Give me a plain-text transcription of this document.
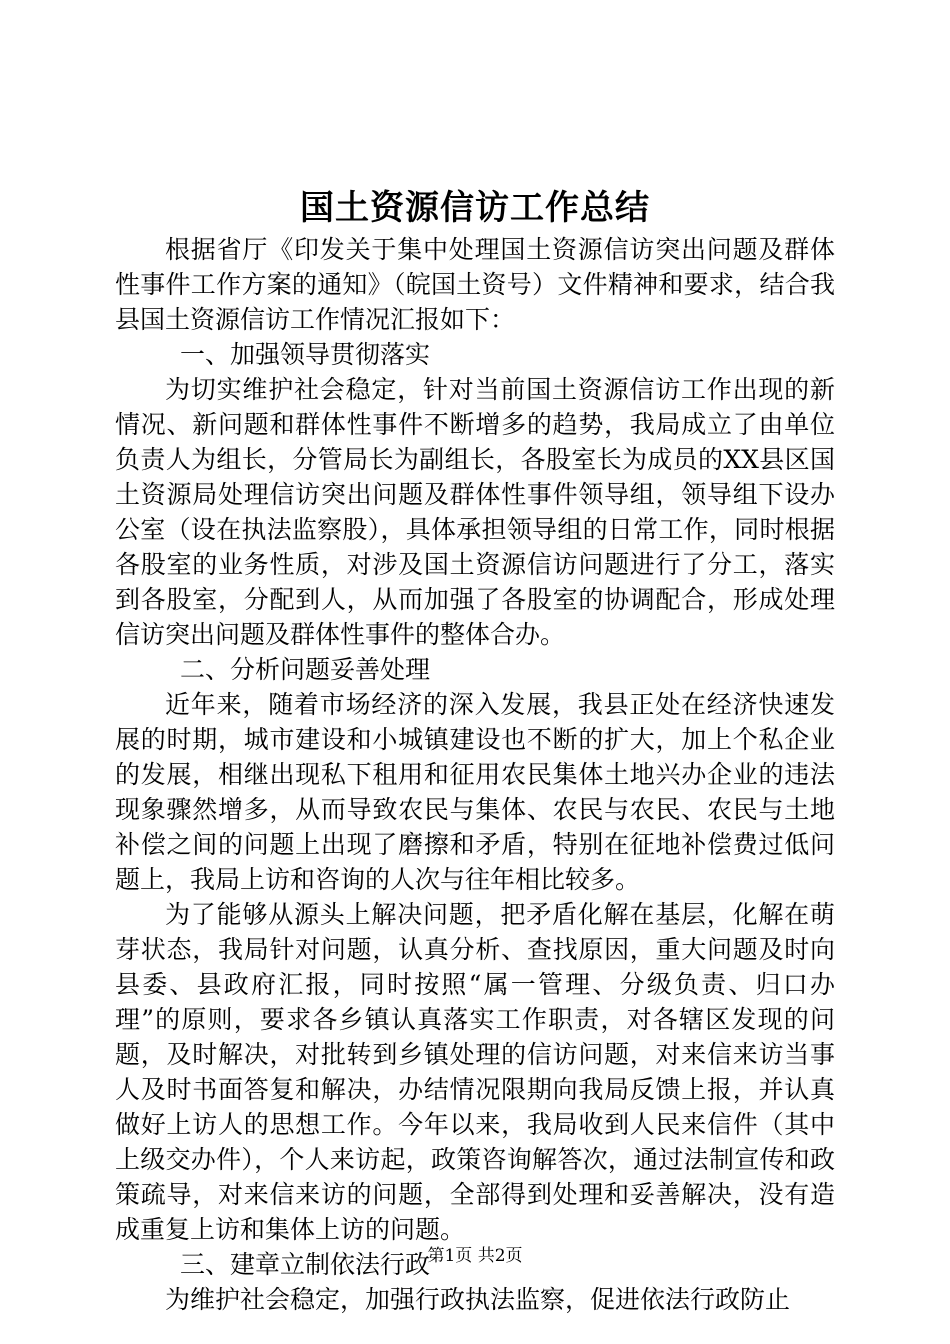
国土资源信访工作总结

根据省厅《印发关于集中处理国土资源信访突出问题及群体性事件工作方案的通知》（皖国土资号）文件精神和要求，结合我县国土资源信访工作情况汇报如下：

一、加强领导贯彻落实

为切实维护社会稳定，针对当前国土资源信访工作出现的新情况、新问题和群体性事件不断增多的趋势，我局成立了由单位负责人为组长，分管局长为副组长，各股室长为成员的XX县区国土资源局处理信访突出问题及群体性事件领导组，领导组下设办公室（设在执法监察股），具体承担领导组的日常工作，同时根据各股室的业务性质，对涉及国土资源信访问题进行了分工，落实到各股室，分配到人，从而加强了各股室的协调配合，形成处理信访突出问题及群体性事件的整体合办。

二、分析问题妥善处理

近年来，随着市场经济的深入发展，我县正处在经济快速发展的时期，城市建设和小城镇建设也不断的扩大，加上个私企业的发展，相继出现私下租用和征用农民集体土地兴办企业的违法现象骤然增多，从而导致农民与集体、农民与农民、农民与土地补偿之间的问题上出现了磨擦和矛盾，特别在征地补偿费过低问题上，我局上访和咨询的人次与往年相比较多。

为了能够从源头上解决问题，把矛盾化解在基层，化解在萌芽状态，我局针对问题，认真分析、查找原因，重大问题及时向县委、县政府汇报，同时按照“属一管理、分级负责、归口办理”的原则，要求各乡镇认真落实工作职责，对各辖区发现的问题，及时解决，对批转到乡镇处理的信访问题，对来信来访当事人及时书面答复和解决，办结情况限期向我局反馈上报，并认真做好上访人的思想工作。今年以来，我局收到人民来信件（其中上级交办件），个人来访起，政策咨询解答次，通过法制宣传和政策疏导，对来信来访的问题，全部得到处理和妥善解决，没有造成重复上访和集体上访的问题。

三、建章立制依法行政

为维护社会稳定，加强行政执法监察，促进依法行政防止

第1页 共2页
